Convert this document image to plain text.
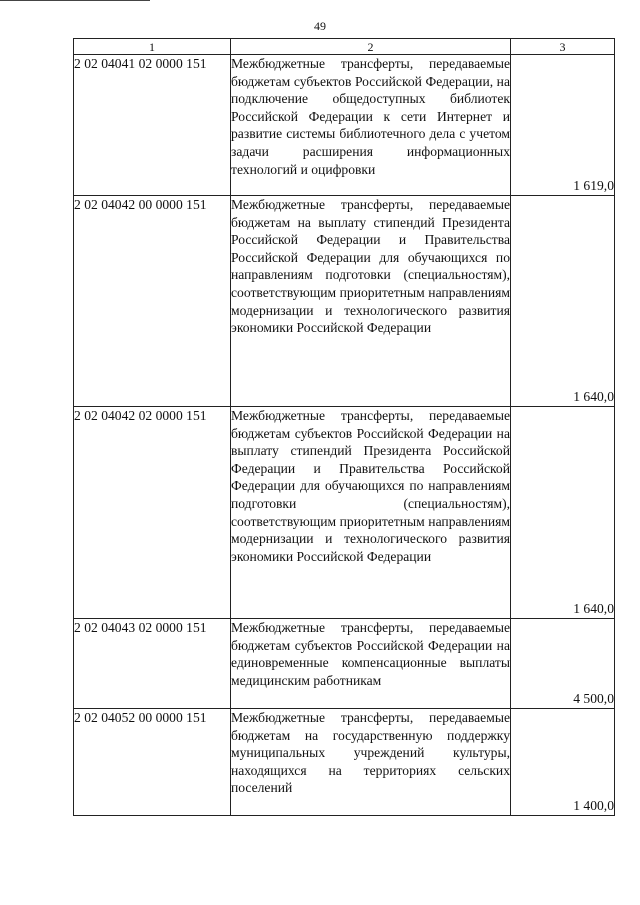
49
1	2	3
2 02 04041 02 0000 151	Межбюджетные трансферты, передаваемые бюджетам субъектов Российской Федерации, на подключение общедоступных библиотек Российской Федерации к сети Интернет и развитие системы библиотечного дела с учетом задачи расширения информационных технологий и оцифровки	1 619,0
2 02 04042 00 0000 151	Межбюджетные трансферты, передаваемые бюджетам на выплату стипендий Президента Российской Федерации и Правительства Российской Федерации для обучающихся по направлениям подготовки (специальностям), соответствующим приоритетным направлениям модернизации и технологического развития экономики Российской Федерации	1 640,0
2 02 04042 02 0000 151	Межбюджетные трансферты, передаваемые бюджетам субъектов Российской Федерации на выплату стипендий Президента Российской Федерации и Правительства Российской Федерации для обучающихся по направлениям подготовки (специальностям), соответствующим приоритетным направлениям модернизации и технологического развития экономики Российской Федерации	1 640,0
2 02 04043 02 0000 151	Межбюджетные трансферты, передаваемые бюджетам субъектов Российской Федерации на единовременные компенсационные выплаты медицинским работникам	4 500,0
2 02 04052 00 0000 151	Межбюджетные трансферты, передаваемые бюджетам на государственную поддержку муниципальных учреждений культуры, находящихся на территориях сельских поселений	1 400,0
